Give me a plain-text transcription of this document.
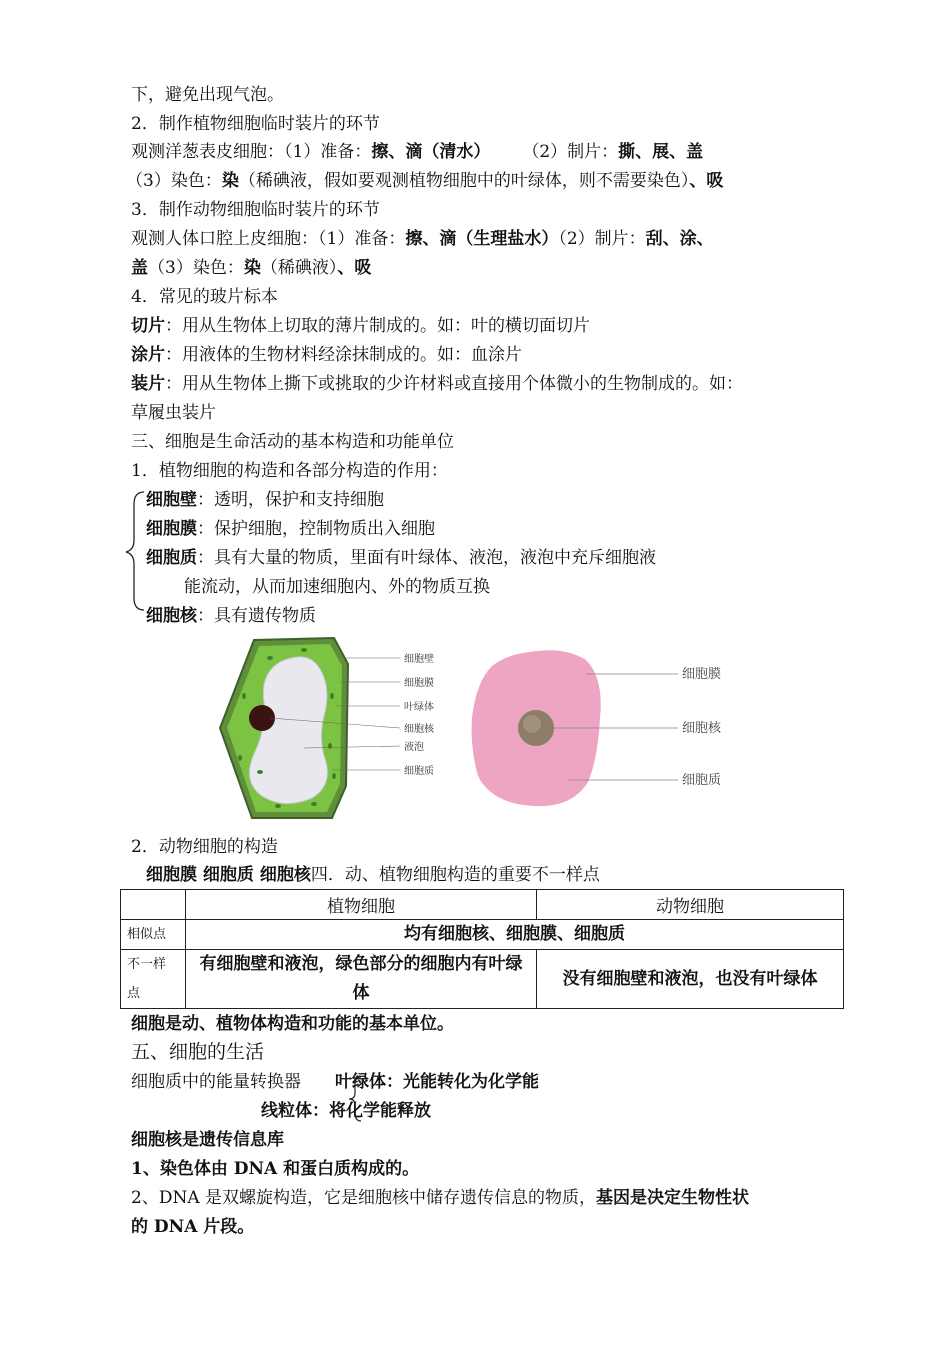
下，避免出现气泡。
2．制作植物细胞临时装片的环节
观测洋葱表皮细胞：（1）准备：擦、滴（清水） （2）制片：撕、展、盖
（3）染色：染（稀碘液，假如要观测植物细胞中的叶绿体，则不需要染色）、吸
3．制作动物细胞临时装片的环节
观测人体口腔上皮细胞：（1）准备：擦、滴（生理盐水）（2）制片：刮、涂、
盖（3）染色：染（稀碘液）、吸
4．常见的玻片标本
切片：用从生物体上切取的薄片制成的。如：叶的横切面切片
涂片：用液体的生物材料经涂抹制成的。如：血涂片
装片：用从生物体上撕下或挑取的少许材料或直接用个体微小的生物制成的。如：
草履虫装片
三、细胞是生命活动的基本构造和功能单位
1．植物细胞的构造和各部分构造的作用：
细胞壁：透明，保护和支持细胞
细胞膜：保护细胞，控制物质出入细胞
细胞质：具有大量的物质，里面有叶绿体、液泡，液泡中充斥细胞液
能流动，从而加速细胞内、外的物质互换
细胞核：具有遗传物质
细胞壁
细胞膜
叶绿体
细胞核
液泡
细胞质
细胞膜
细胞核
细胞质
2．动物细胞的构造
细胞膜 细胞质 细胞核四．动、植物细胞构造的重要不一样点
	植物细胞	动物细胞
相似点	均有细胞核、细胞膜、细胞质	
不一样
点	有细胞壁和液泡，绿色部分的细胞内有叶绿体	没有细胞壁和液泡，也没有叶绿体
细胞是动、植物体构造和功能的基本单位。
五、细胞的生活
细胞质中的能量转换器 叶绿体：光能转化为化学能
线粒体：将化学能释放
细胞核是遗传信息库
1、染色体由 DNA 和蛋白质构成的。
2、DNA 是双螺旋构造，它是细胞核中储存遗传信息的物质，基因是决定生物性状
的 DNA 片段。
